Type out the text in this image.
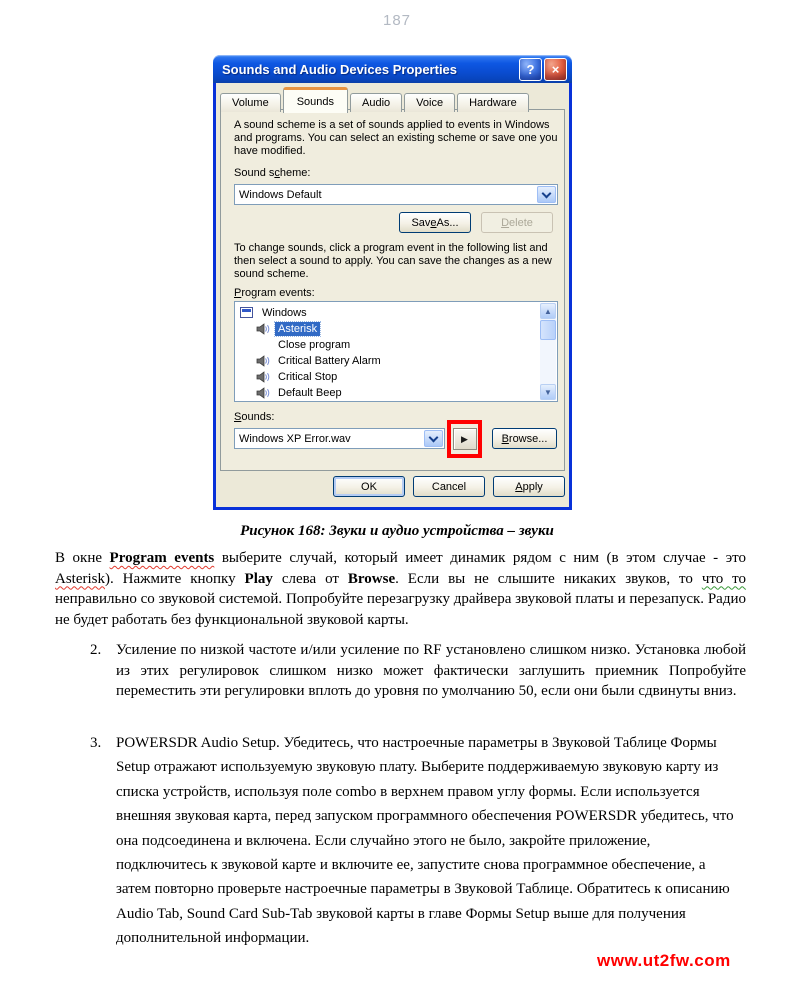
187
Sounds and Audio Devices Properties	?	×
Volume	Sounds	Audio	Voice	Hardware
A sound scheme is a set of sounds applied to events in Windows and programs. You can select an existing scheme or save one you have modified.
Sound scheme:
Windows Default
Sav e As...	D elete
To change sounds, click a program event in the following list and then select a sound to apply. You can save the changes as a new sound scheme.
Program events:
Windows
Asterisk
Close program
Critical Battery Alarm
Critical Stop
Default Beep
▲
▼
Sounds:
Windows XP Error.wav	▶	B rowse...
OK	Cancel	A pply
Рисунок 168: Звуки и аудио устройства – звуки
В окне Program events выберите случай, который имеет динамик рядом с ним (в этом случае - это Asterisk). Нажмите кнопку Play слева от Browse. Если вы не слышите никаких звуков, то что то неправильно со звуковой системой. Попробуйте перезагрузку драйвера звуковой платы и перезапуск. Радио не будет работать без функциональной звуковой карты.
2. Усиление по низкой частоте и/или усиление по RF установлено слишком низко. Установка любой из этих регулировок слишком низко может фактически заглушить приемник Попробуйте переместить эти регулировки вплоть до уровня по умолчанию 50, если они были сдвинуты вниз.
3. POWERSDR Audio Setup. Убедитесь, что настроечные параметры в Звуковой Таблице Формы Setup отражают используемую звуковую плату. Выберите поддерживаемую звуковую карту из списка устройств, используя поле combo в верхнем правом углу формы. Если используется внешняя звуковая карта, перед запуском программного обеспечения POWERSDR убедитесь, что она подсоединена и включена. Если случайно этого не было, закройте приложение, подключитесь к звуковой карте и включите ее, запустите снова программное обеспечение, а затем повторно проверьте настроечные параметры в Звуковой Таблице. Обратитесь к описанию Audio Tab, Sound Card Sub-Tab звуковой карты в главе Формы Setup выше для получения дополнительной информации.
www.ut2fw.com
